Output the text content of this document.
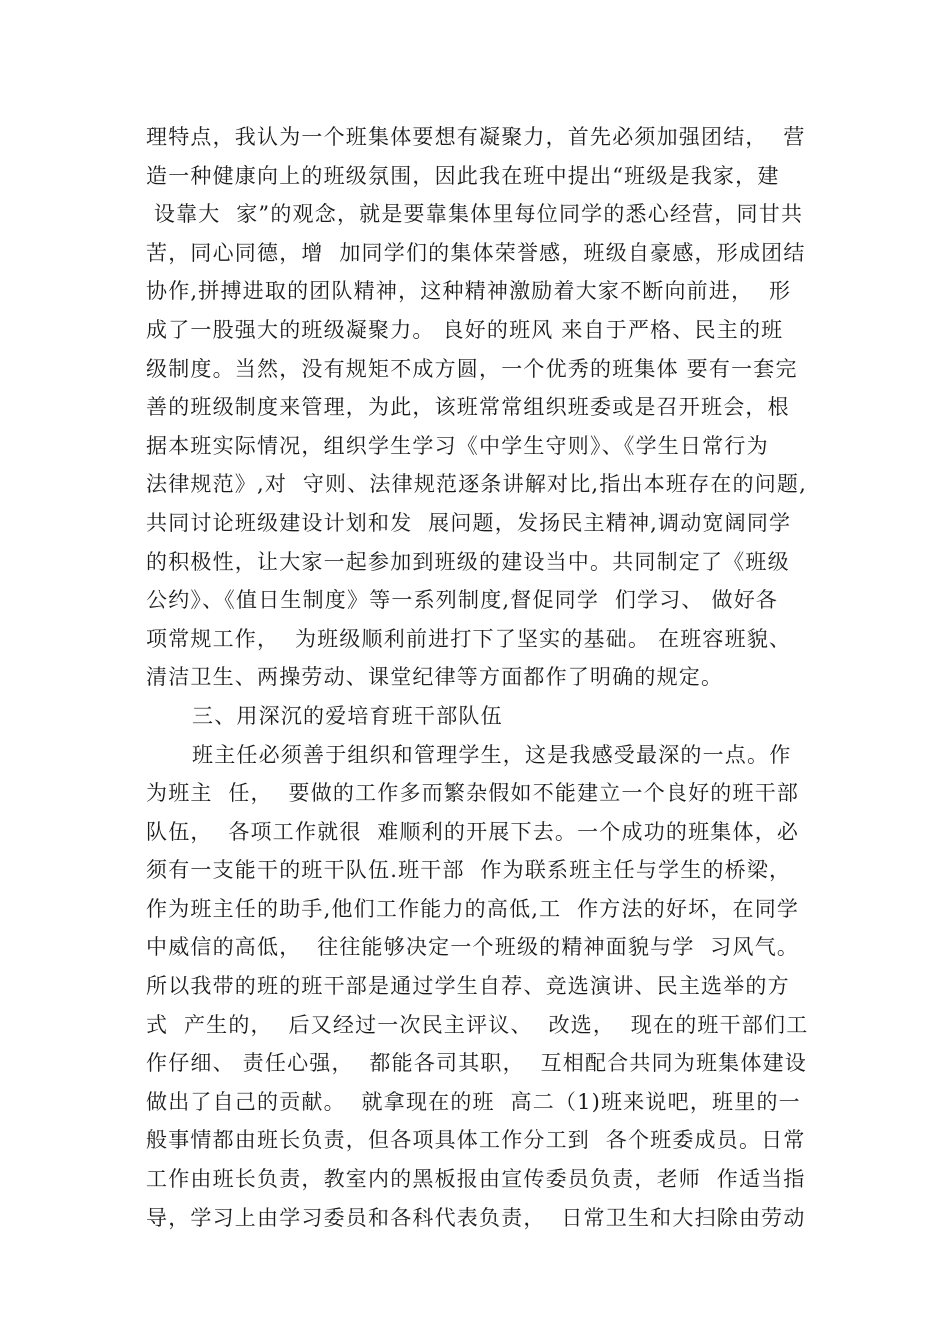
理特点，我认为一个班集体要想有凝聚力，首先必须加强团结，  营
造一种健康向上的班级氛围，因此我在班中提出“班级是我家，建
设靠大  家”的观念，就是要靠集体里每位同学的悉心经营，同甘共
苦，同心同德，增  加同学们的集体荣誉感，班级自豪感，形成团结
协作,拼搏进取的团队精神，这种精神激励着大家不断向前进，  形
成了一股强大的班级凝聚力。 良好的班风 来自于严格、民主的班
级制度。当然，没有规矩不成方圆，一个优秀的班集体 要有一套完
善的班级制度来管理，为此，该班常常组织班委或是召开班会，根
据本班实际情况，组织学生学习《中学生守则》、《学生日常行为
法律规范》,对  守则、法律规范逐条讲解对比,指出本班存在的问题,
共同讨论班级建设计划和发  展问题，发扬民主精神,调动宽阔同学
的积极性，让大家一起参加到班级的建设当中。共同制定了《班级
公约》、《值日生制度》等一系列制度,督促同学  们学习、 做好各
项常规工作，  为班级顺利前进打下了坚实的基础。 在班容班貌、
清洁卫生、两操劳动、课堂纪律等方面都作了明确的规定。
三、用深沉的爱培育班干部队伍
班主任必须善于组织和管理学生，这是我感受最深的一点。作
为班主  任，  要做的工作多而繁杂假如不能建立一个良好的班干部
队伍，  各项工作就很  难顺利的开展下去。一个成功的班集体，必
须有一支能干的班干队伍.班干部  作为联系班主任与学生的桥梁，
作为班主任的助手,他们工作能力的高低,工  作方法的好坏，在同学
中威信的高低，  往往能够决定一个班级的精神面貌与学  习风气。
所以我带的班的班干部是通过学生自荐、竞选演讲、民主选举的方
式  产生的，  后又经过一次民主评议、  改选，  现在的班干部们工
作仔细、 责任心强，  都能各司其职，  互相配合共同为班集体建设
做出了自己的贡献。  就拿现在的班  高二（1)班来说吧，班里的一
般事情都由班长负责，但各项具体工作分工到  各个班委成员。日常
工作由班长负责，教室内的黑板报由宣传委员负责，老师  作适当指
导，学习上由学习委员和各科代表负责，  日常卫生和大扫除由劳动
